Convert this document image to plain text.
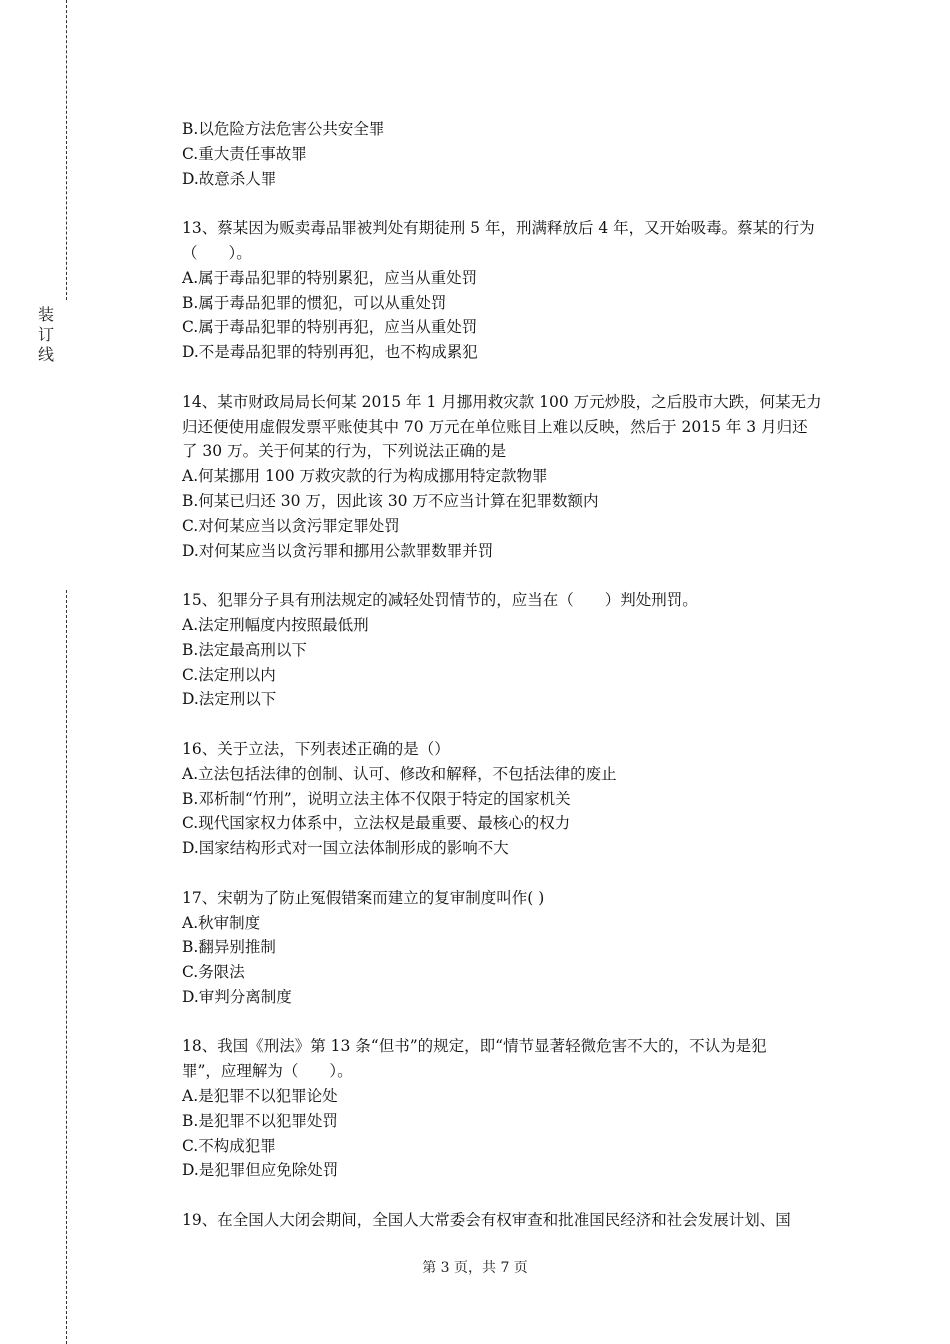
装
订
线
B.以危险方法危害公共安全罪
C.重大责任事故罪
D.故意杀人罪
13、蔡某因为贩卖毒品罪被判处有期徒刑 5 年，刑满释放后 4 年，又开始吸毒。蔡某的行为
（　　）。
A.属于毒品犯罪的特别累犯，应当从重处罚
B.属于毒品犯罪的惯犯，可以从重处罚
C.属于毒品犯罪的特别再犯，应当从重处罚
D.不是毒品犯罪的特别再犯，也不构成累犯
14、某市财政局局长何某 2015 年 1 月挪用救灾款 100 万元炒股，之后股市大跌，何某无力
归还便使用虚假发票平账使其中 70 万元在单位账目上难以反映，然后于 2015 年 3 月归还
了 30 万。关于何某的行为，下列说法正确的是
A.何某挪用 100 万救灾款的行为构成挪用特定款物罪
B.何某已归还 30 万，因此该 30 万不应当计算在犯罪数额内
C.对何某应当以贪污罪定罪处罚
D.对何某应当以贪污罪和挪用公款罪数罪并罚
15、犯罪分子具有刑法规定的减轻处罚情节的，应当在（　　）判处刑罚。
A.法定刑幅度内按照最低刑
B.法定最高刑以下
C.法定刑以内
D.法定刑以下
16、关于立法，下列表述正确的是（）
A.立法包括法律的创制、认可、修改和解释，不包括法律的废止
B.邓析制“竹刑”，说明立法主体不仅限于特定的国家机关
C.现代国家权力体系中，立法权是最重要、最核心的权力
D.国家结构形式对一国立法体制形成的影响不大
17、宋朝为了防止冤假错案而建立的复审制度叫作( )
A.秋审制度
B.翻异别推制
C.务限法
D.审判分离制度
18、我国《刑法》第 13 条“但书”的规定，即“情节显著轻微危害不大的，不认为是犯
罪”，应理解为（　　）。
A.是犯罪不以犯罪论处
B.是犯罪不以犯罪处罚
C.不构成犯罪
D.是犯罪但应免除处罚
19、在全国人大闭会期间，全国人大常委会有权审查和批准国民经济和社会发展计划、国
第 3 页，共 7 页
